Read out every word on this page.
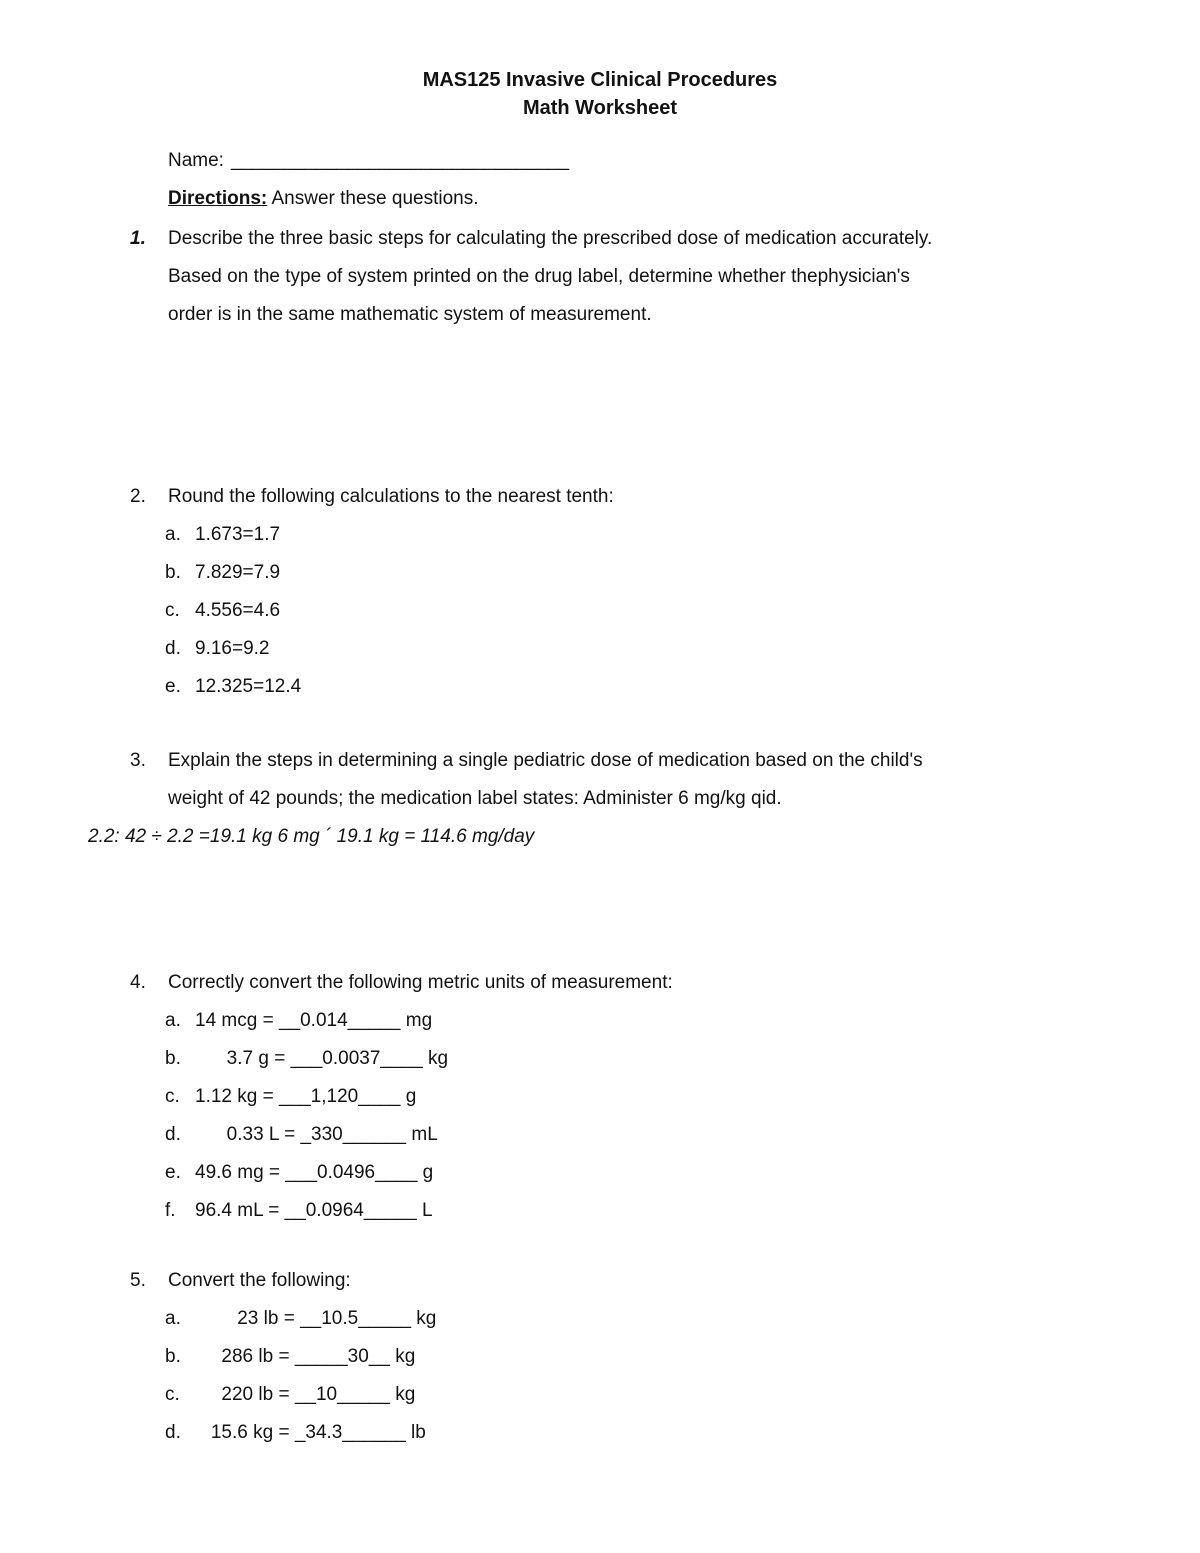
MAS125 Invasive Clinical Procedures
Math Worksheet
Name: ________________________________
Directions: Answer these questions.
1.	Describe the three basic steps for calculating the prescribed dose of medication accurately.
Based on the type of system printed on the drug label, determine whether thephysician's
order is in the same mathematic system of measurement.
2.	Round the following calculations to the nearest tenth:
a. 1.673=1.7
b. 7.829=7.9
c. 4.556=4.6
d. 9.16=9.2
e. 12.325=12.4
3.	Explain the steps in determining a single pediatric dose of medication based on the child's
weight of 42 pounds; the medication label states: Administer 6 mg/kg qid.
2.2: 42 ÷ 2.2 =19.1 kg 6 mg ´ 19.1 kg = 114.6 mg/day
4.	Correctly convert the following metric units of measurement:
a. 14 mcg = __0.014_____ mg
b. 3.7 g = ___0.0037____ kg
c. 1.12 kg = ___1,120____ g
d. 0.33 L = _330______ mL
e. 49.6 mg = ___0.0496____ g
f.	96.4 mL = __0.0964_____ L
5.	Convert the following:
a. 23 lb = __10.5_____ kg
b. 286 lb = _____30__ kg
c. 220 lb = __10_____ kg
d. 15.6 kg = _34.3______ lb
